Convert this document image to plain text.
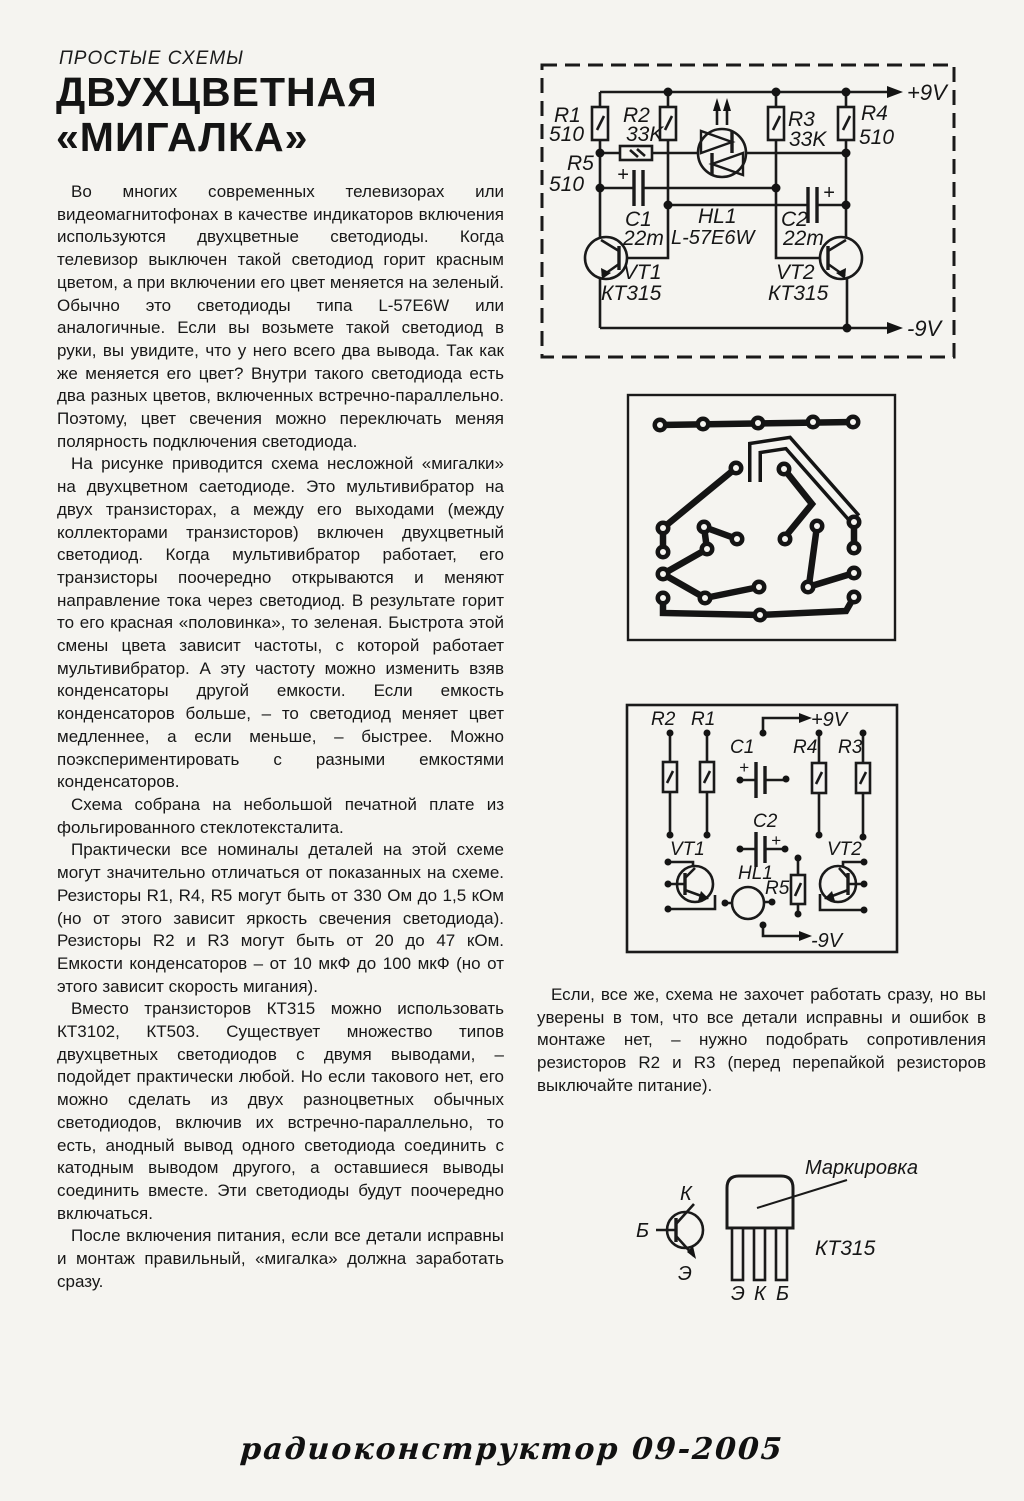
ПРОСТЫЕ СХЕМЫ
ДВУХЦВЕТНАЯ
«МИГАЛКА»

Во многих современных телевизорах или видеомагнитофонах в качестве индикаторов включения используются двухцветные светодиоды. Когда телевизор выключен такой светодиод горит красным цветом, а при включении его цвет меняется на зеленый. Обычно это светодиоды типа L-57E6W или аналогичные. Если вы возьмете такой светодиод в руки, вы увидите, что у него всего два вывода. Так как же меняется его цвет? Внутри такого светодиода есть два разных цветов, включенных встречно-параллельно. Поэтому, цвет свечения можно переключать меняя полярность подключения светодиода.

На рисунке приводится схема несложной «мигалки» на двухцветном саетодиоде. Это мультивибратор на двух транзисторах, а между его выходами (между коллекторами транзисторов) включен двухцветный светодиод. Когда мультивибратор работает, его транзисторы поочередно открываются и меняют направление тока через светодиод. В результате горит то его красная «половинка», то зеленая. Быстрота этой смены цвета зависит частоты, с которой работает мультивибратор. А эту частоту можно изменить взяв конденсаторы другой емкости. Если емкость конденсаторов больше, – то светодиод меняет цвет медленнее, а если меньше, – быстрее. Можно поэкспериментировать с разными емкостями конденсаторов.

Схема собрана на небольшой печатной плате из фольгированного стеклотексталита.

Практически все номиналы деталей на этой схеме могут значительно отличаться от показанных на схеме. Резисторы R1, R4, R5 могут быть от 330 Ом до 1,5 кОм (но от этого зависит яркость свечения светодиода). Резисторы R2 и R3 могут быть от 20 до 47 кОм. Емкости конденсаторов – от 10 мкФ до 100 мкФ (но от этого зависит скорость мигания).

Вместо транзисторов КТ315 можно использовать КТ3102, КТ503. Существует множество типов двухцветных светодиодов с двумя выводами, – подойдет практически любой. Но если такового нет, его можно сделать из двух разноцветных обычных светодиодов, включив их встречно-параллельно, то есть, анодный вывод одного светодиода соединить с катодным выводом другого, а оставшиеся выводы соединить вместе. Эти светодиоды будут поочередно включаться.

После включения питания, если все детали исправны и монтаж правильный, «мигалка» должна заработать сразу.

+
+
R1
510
R2
33K
R5
510
R3
33K
R4
510
C1
22m
HL1
L-57E6W
C2
22m
VT1
КТ315
VT2
КТ315
+9V
-9V
R2 R1	+9V
C1
+
R4 R3
C2
+
VT1
HL1
R5
VT2
-9V

Если, все же, схема не захочет работать сразу, но вы уверены в том, что все детали исправны и ошибок в монтаже нет, – нужно подобрать сопротивления резисторов R2 и R3 (перед перепайкой резисторов выключайте питание).

К
Б
Э
Маркировка
КТ315
Э К Б
радиоконструктор 09-2005
